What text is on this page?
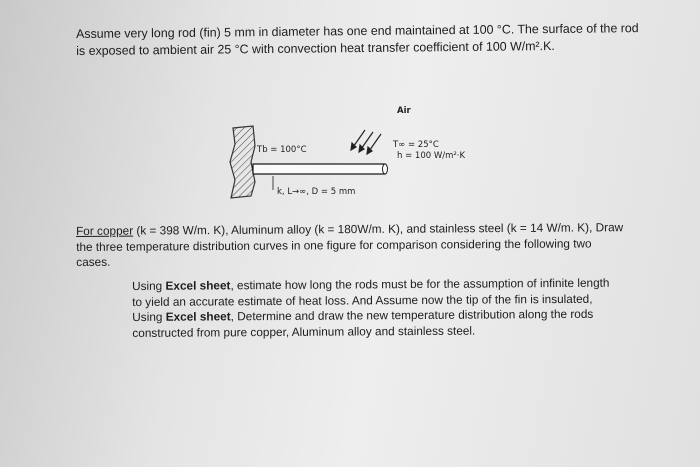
Assume very long rod (fin) 5 mm in diameter has one end maintained at 100 °C. The surface of the rod
is exposed to ambient air 25 °C with convection heat transfer coefficient of 100 W/m².K.
Air
Tb = 100°C	T∞ = 25°C
h = 100 W/m²·K
k, L→∞, D = 5 mm
For copper (k = 398 W/m. K), Aluminum alloy (k = 180W/m. K), and stainless steel (k = 14 W/m. K), Draw
the three temperature distribution curves in one figure for comparison considering the following two
cases.
Using Excel sheet, estimate how long the rods must be for the assumption of infinite length
to yield an accurate estimate of heat loss. And Assume now the tip of the fin is insulated,
Using Excel sheet, Determine and draw the new temperature distribution along the rods
constructed from pure copper, Aluminum alloy and stainless steel.
